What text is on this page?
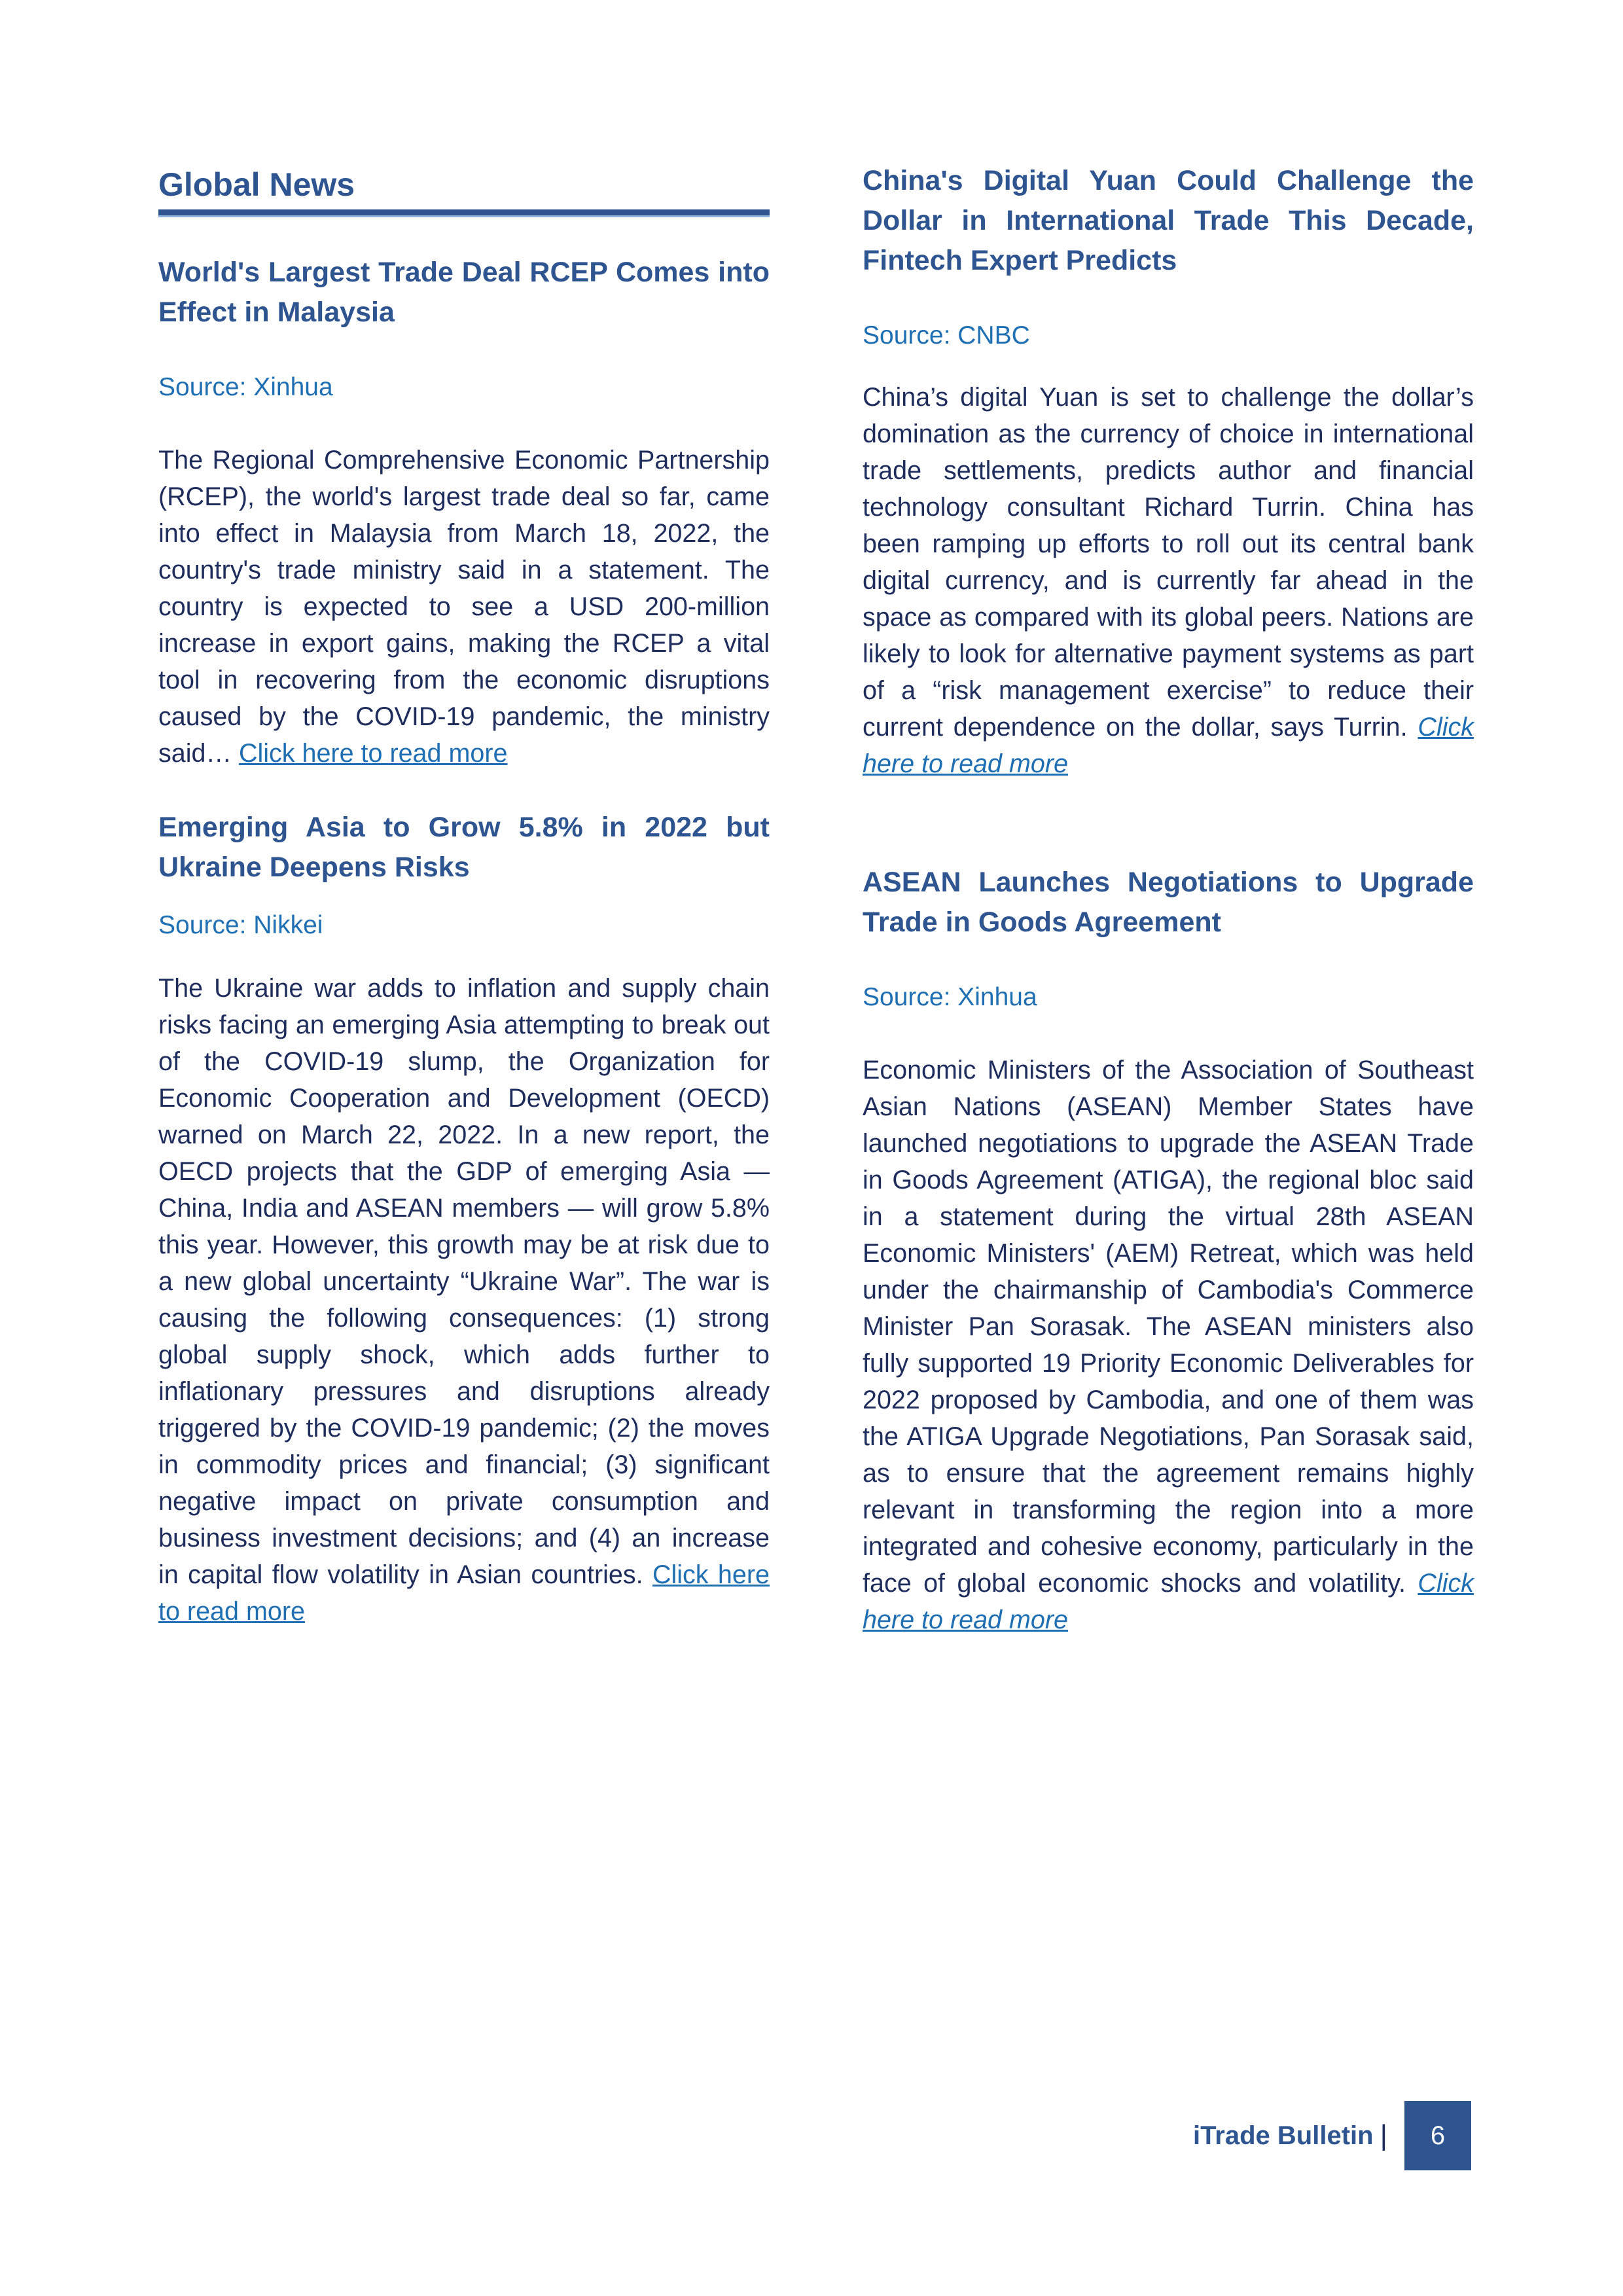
Global News
World's Largest Trade Deal RCEP Comes into Effect in Malaysia

Source: Xinhua

The Regional Comprehensive Economic Partnership (RCEP), the world's largest trade deal so far, came into effect in Malaysia from March 18, 2022, the country's trade ministry said in a statement. The country is expected to see a USD 200-million increase in export gains, making the RCEP a vital tool in recovering from the economic disruptions caused by the COVID-19 pandemic, the ministry said… Click here to read more

Emerging Asia to Grow 5.8% in 2022 but Ukraine Deepens Risks

Source: Nikkei

The Ukraine war adds to inflation and supply chain risks facing an emerging Asia attempting to break out of the COVID-19 slump, the Organization for Economic Cooperation and Development (OECD) warned on March 22, 2022. In a new report, the OECD projects that the GDP of emerging Asia — China, India and ASEAN members — will grow 5.8% this year. However, this growth may be at risk due to a new global uncertainty “Ukraine War”. The war is causing the following consequences: (1) strong global supply shock, which adds further to inflationary pressures and disruptions already triggered by the COVID-19 pandemic; (2) the moves in commodity prices and financial; (3) significant negative impact on private consumption and business investment decisions; and (4) an increase in capital flow volatility in Asian countries. Click here to read more

China's Digital Yuan Could Challenge the Dollar in International Trade This Decade, Fintech Expert Predicts

Source: CNBC

China’s digital Yuan is set to challenge the dollar’s domination as the currency of choice in international trade settlements, predicts author and financial technology consultant Richard Turrin. China has been ramping up efforts to roll out its central bank digital currency, and is currently far ahead in the space as compared with its global peers. Nations are likely to look for alternative payment systems as part of a “risk management exercise” to reduce their current dependence on the dollar, says Turrin. Click here to read more

ASEAN Launches Negotiations to Upgrade Trade in Goods Agreement

Source: Xinhua

Economic Ministers of the Association of Southeast Asian Nations (ASEAN) Member States have launched negotiations to upgrade the ASEAN Trade in Goods Agreement (ATIGA), the regional bloc said in a statement during the virtual 28th ASEAN Economic Ministers' (AEM) Retreat, which was held under the chairmanship of Cambodia's Commerce Minister Pan Sorasak. The ASEAN ministers also fully supported 19 Priority Economic Deliverables for 2022 proposed by Cambodia, and one of them was the ATIGA Upgrade Negotiations, Pan Sorasak said, as to ensure that the agreement remains highly relevant in transforming the region into a more integrated and cohesive economy, particularly in the face of global economic shocks and volatility. Click here to read more

iTrade Bulletin |	6
